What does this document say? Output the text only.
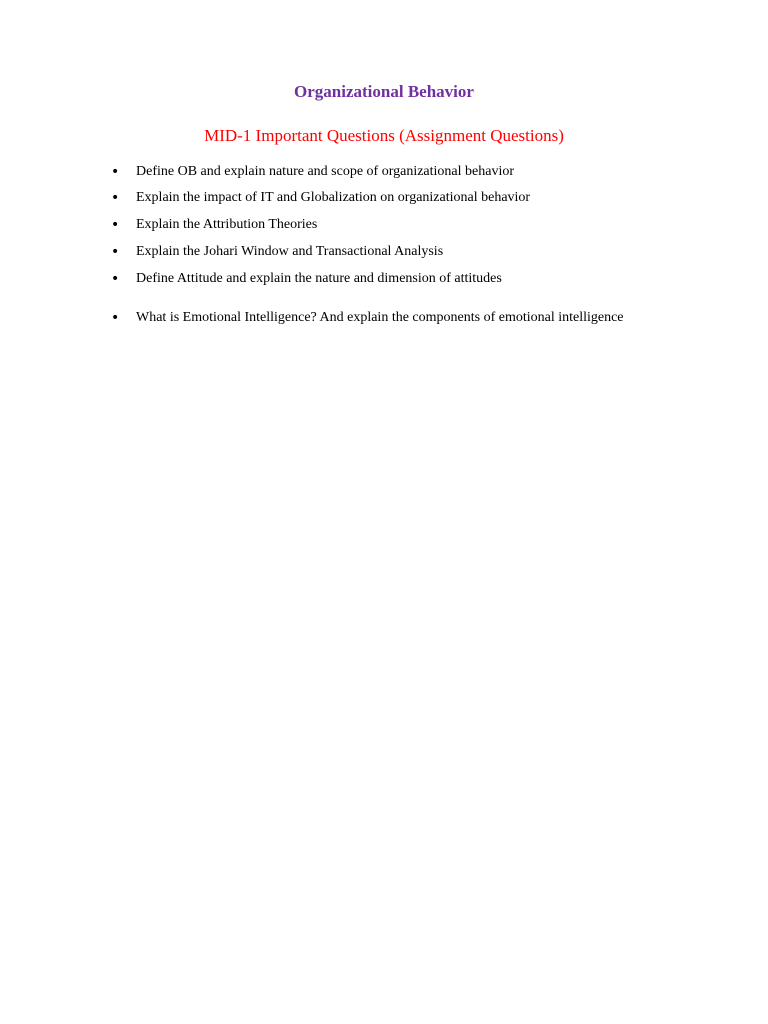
Organizational Behavior
MID-1 Important Questions (Assignment Questions)
•	Define OB and explain nature and scope of organizational behavior
•	Explain the impact of IT and Globalization on organizational behavior
•	Explain the Attribution Theories
•	Explain the Johari Window and Transactional Analysis
•	Define Attitude and explain the nature and dimension of attitudes
•	What is Emotional Intelligence? And explain the components of emotional intelligence
